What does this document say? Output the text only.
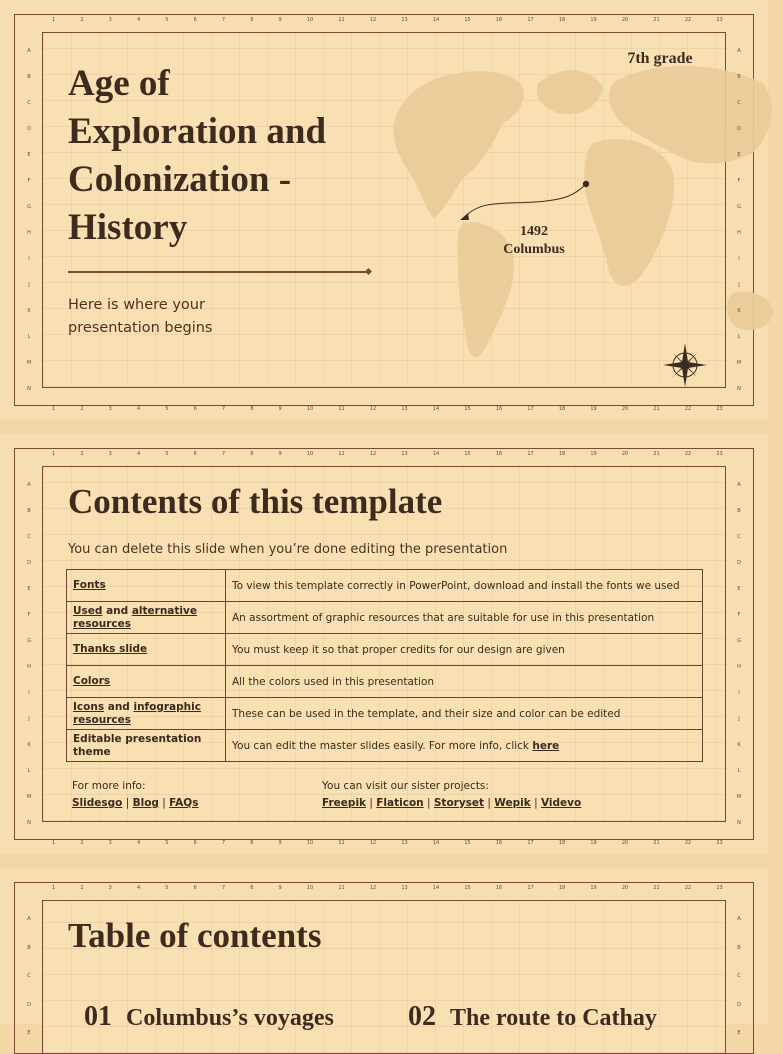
1	2	3	4	5	6	7	8	9	10	11	12	13	14	15	16	17	18	19	20	21	22	23
1	2	3	4	5	6	7	8	9	10	11	12	13	14	15	16	17	18	19	20	21	22	23
A
B
C
D
E
F
G
H
I
J
K
L
M
N
A
B
C
D
E
F
G
H
I
J
K
L
M
N
Age of Exploration and Colonization - History
7th grade
Here is where your presentation begins
1492
Columbus
1	2	3	4	5	6	7	8	9	10	11	12	13	14	15	16	17	18	19	20	21	22	23
1	2	3	4	5	6	7	8	9	10	11	12	13	14	15	16	17	18	19	20	21	22	23
A
B
C
D
E
F
G
H
I
J
K
L
M
N
A
B
C
D
E
F
G
H
I
J
K
L
M
N
Contents of this template
You can delete this slide when you’re done editing the presentation
Fonts	To view this template correctly in PowerPoint, download and install the fonts we used
Used and alternative resources	An assortment of graphic resources that are suitable for use in this presentation
Thanks slide	You must keep it so that proper credits for our design are given
Colors	All the colors used in this presentation
Icons and infographic resources	These can be used in the template, and their size and color can be edited
Editable presentation theme	You can edit the master slides easily. For more info, click here
For more info:
Slidesgo | Blog | FAQs
You can visit our sister projects:
Freepik | Flaticon | Storyset | Wepik | Videvo
1	2	3	4	5	6	7	8	9	10	11	12	13	14	15	16	17	18	19	20	21	22	23
A
B
C
D
E
A
B
C
D
E
Table of contents
01 Columbus’s voyages	02 The route to Cathay
